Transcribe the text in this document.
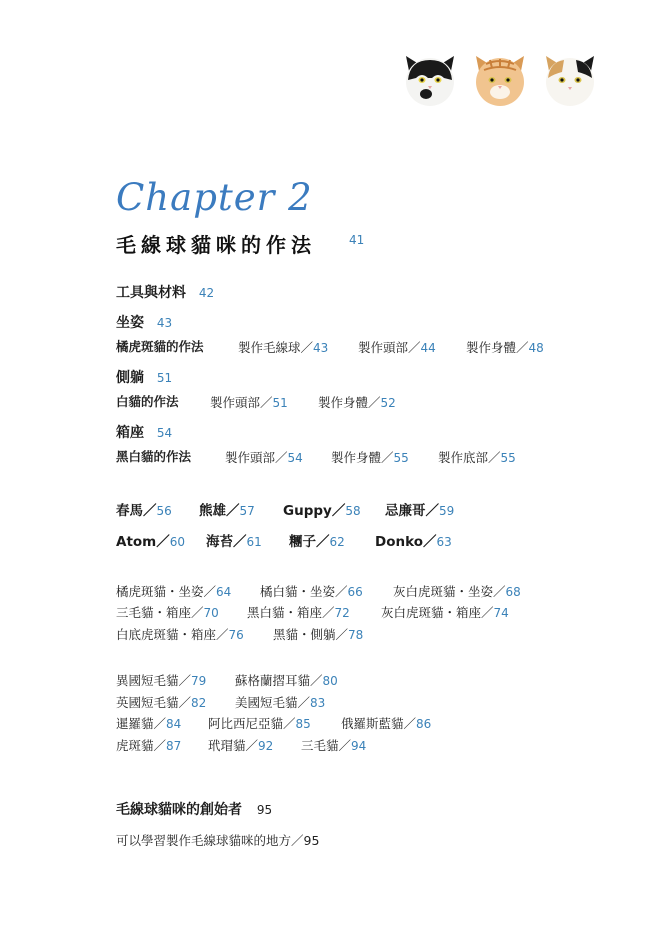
Chapter 2
毛線球貓咪的作法	41
工具與材料 42
坐姿 43
橘虎斑貓的作法	製作毛線球／43 製作頭部／44 製作身體／48
側躺 51
白貓的作法	製作頭部／51 製作身體／52
箱座 54
黑白貓的作法	製作頭部／54 製作身體／55 製作底部／55
春馬／56 熊雄／57 Guppy／58 忌廉哥／59
Atom／60 海苔／61 糰子／62 Donko／63
橘虎斑貓・坐姿／64 橘白貓・坐姿／66 灰白虎斑貓・坐姿／68
三毛貓・箱座／70 黑白貓・箱座／72 灰白虎斑貓・箱座／74
白底虎斑貓・箱座／76 黑貓・側躺／78
異國短毛貓／79 蘇格蘭摺耳貓／80
英國短毛貓／82 美國短毛貓／83
暹羅貓／84 阿比西尼亞貓／85 俄羅斯藍貓／86
虎斑貓／87 玳瑁貓／92 三毛貓／94
毛線球貓咪的創始者 95
可以學習製作毛線球貓咪的地方／95
